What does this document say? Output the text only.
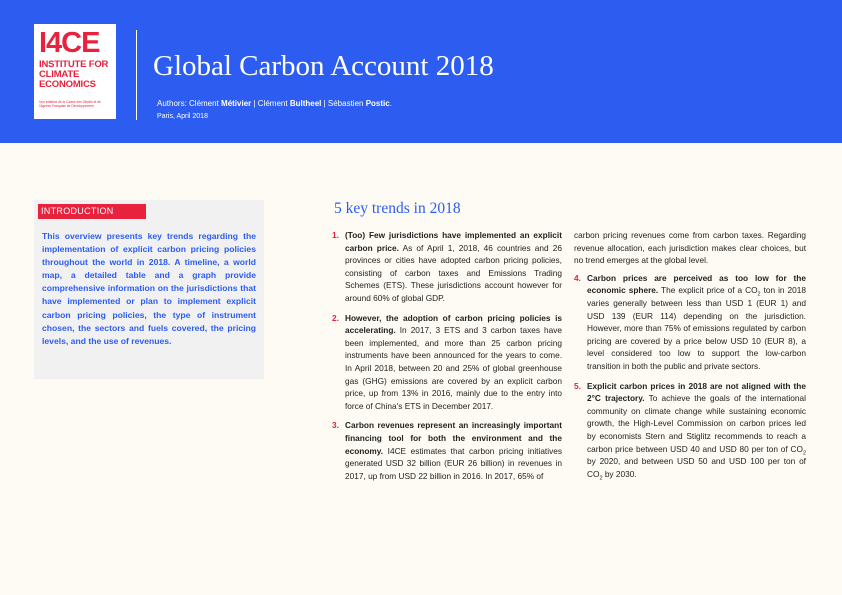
I4CE
INSTITUTE FOR CLIMATE ECONOMICS
Une initiative de la Caisse des Dépôts et de l'Agence Française de Développement
Global Carbon Account 2018
Authors: Clément Métivier | Clément Bultheel | Sébastien Postic.
Paris, April 2018
INTRODUCTION

This overview presents key trends regarding the implementation of explicit carbon pricing policies throughout the world in 2018. A timeline, a world map, a detailed table and a graph provide comprehensive information on the jurisdictions that have implemented or plan to implement explicit carbon pricing policies, the type of instrument chosen, the sectors and fuels covered, the pricing levels, and the use of revenues.

5 key trends in 2018
1. (Too) Few jurisdictions have implemented an explicit carbon price. As of April 1, 2018, 46 countries and 26 provinces or cities have adopted carbon pricing policies, consisting of carbon taxes and Emissions Trading Schemes (ETS). These jurisdictions account however for around 60% of global GDP.
2. However, the adoption of carbon pricing policies is accelerating. In 2017, 3 ETS and 3 carbon taxes have been implemented, and more than 25 carbon pricing instruments have been announced for the years to come. In April 2018, between 20 and 25% of global greenhouse gas (GHG) emissions are covered by an explicit carbon price, up from 13% in 2016, mainly due to the entry into force of China's ETS in December 2017.
3. Carbon revenues represent an increasingly important financing tool for both the environment and the economy. I4CE estimates that carbon pricing initiatives generated USD 32 billion (EUR 26 billion) in revenues in 2017, up from USD 22 billion in 2016. In 2017, 65% of

carbon pricing revenues come from carbon taxes. Regarding revenue allocation, each jurisdiction makes clear choices, but no trend emerges at the global level.

4. Carbon prices are perceived as too low for the economic sphere. The explicit price of a $CO_2$ ton in 2018 varies generally between less than USD 1 (EUR 1) and USD 139 (EUR 114) depending on the jurisdiction. However, more than 75% of emissions regulated by carbon pricing are covered by a price below USD 10 (EUR 8), a level considered too low to support the low-carbon transition in both the public and private sectors.
5. Explicit carbon prices in 2018 are not aligned with the 2°C trajectory. To achieve the goals of the international community on climate change while sustaining economic growth, the High-Level Commission on carbon prices led by economists Stern and Stiglitz recommends to reach a carbon price between USD 40 and USD 80 per ton of $CO_2$ by 2020, and between USD 50 and USD 100 per ton of $CO_2$ by 2030.
